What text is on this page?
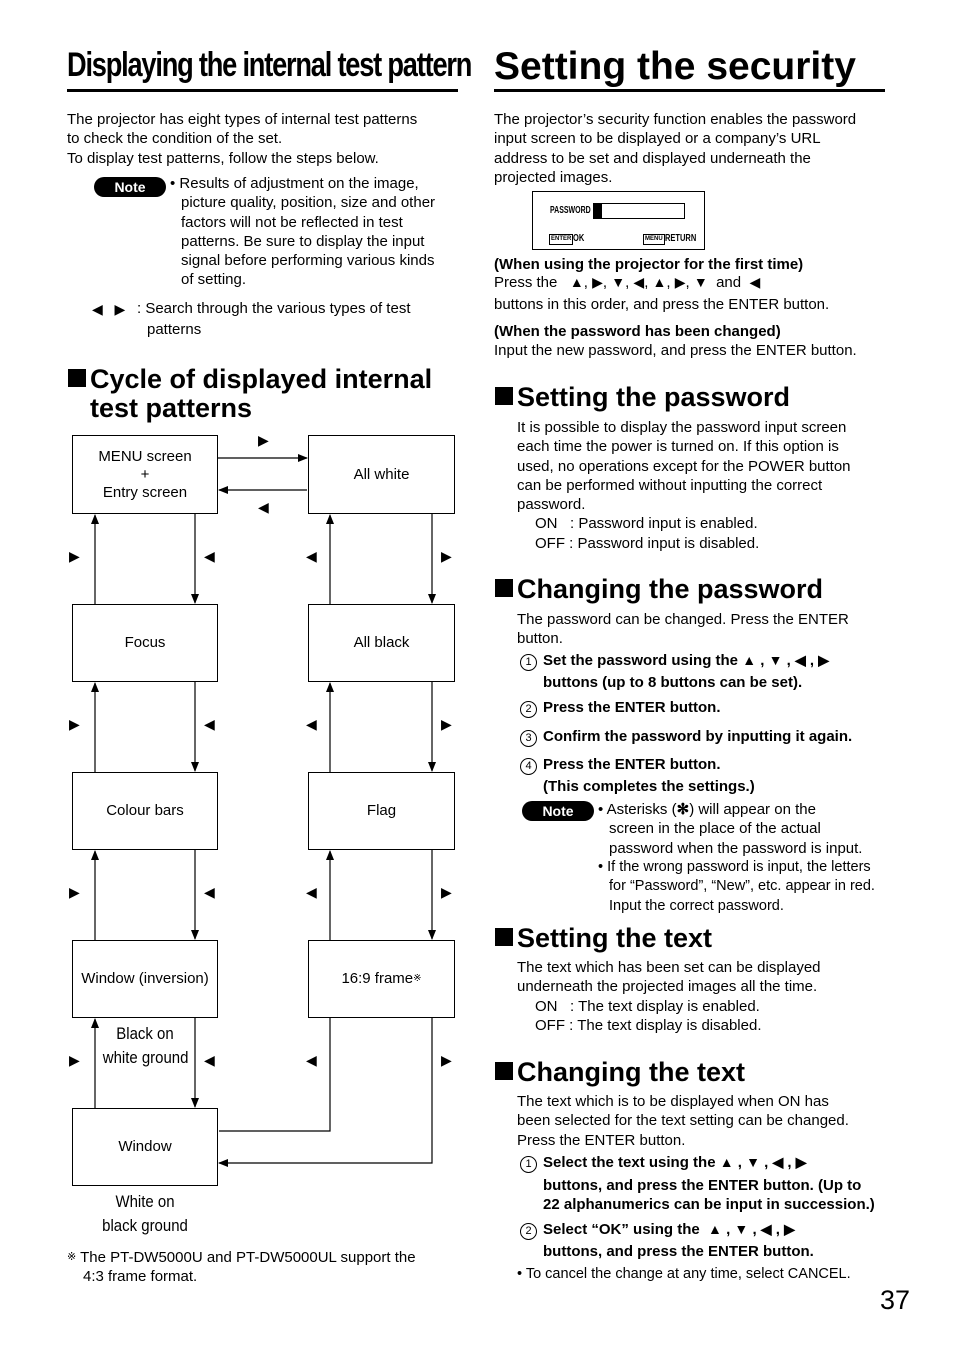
Displaying the internal test pattern
The projector has eight types of internal test patterns
to check the condition of the set.
To display test patterns, follow the steps below.
Note	• Results of adjustment on the image,
picture quality, position, size and other
factors will not be reflected in test
patterns. Be sure to display the input
signal before performing various kinds
of setting.
◀ ▶ : Search through the various types of test
patterns
Cycle of displayed internal
test patterns
MENU screen
+
Entry screen
All white
Focus	All black
Colour bars	Flag
Window (inversion)	16:9 frame ※
Window
▶
◀
▶	◀	◀	▶
▶	◀	◀	▶
▶	◀	◀	▶
▶	◀	◀	▶
Black on
white ground
White on
black ground
※ The PT-DW5000U and PT-DW5000UL support the
4:3 frame format.
Setting the security
The projector’s security function enables the password
input screen to be displayed or a company’s URL
address to be set and displayed underneath the
projected images.
PASSWORD
ENTER OK	MENU RETURN
(When using the projector for the first time)
Press the ▲, ▶, ▼, ◀, ▲, ▶, ▼ and ◀
buttons in this order, and press the ENTER button.
(When the password has been changed)
Input the new password, and press the ENTER button.
Setting the password
It is possible to display the password input screen
each time the power is turned on. If this option is
used, no operations except for the POWER button
can be performed without inputting the correct
password.
ON   : Password input is enabled.
OFF : Password input is disabled.
Changing the password
The password can be changed. Press the ENTER
button.
1 Set the password using the ▲ , ▼ , ◀ , ▶
buttons (up to 8 buttons can be set).
2 Press the ENTER button.
3 Confirm the password by inputting it again.
4 Press the ENTER button.
(This completes the settings.)
Note	• Asterisks (✻) will appear on the
screen in the place of the actual
password when the password is input.
• If the wrong password is input, the letters
for “Password”, “New”, etc. appear in red.
Input the correct password.
Setting the text
The text which has been set can be displayed
underneath the projected images all the time.
ON   : The text display is enabled.
OFF : The text display is disabled.
Changing the text
The text which is to be displayed when ON has
been selected for the text setting can be changed.
Press the ENTER button.
1 Select the text using the ▲ , ▼ , ◀ , ▶
buttons, and press the ENTER button. (Up to
22 alphanumerics can be input in succession.)
2 Select “OK” using the ▲ , ▼ , ◀ , ▶
buttons, and press the ENTER button.
• To cancel the change at any time, select CANCEL.
37
